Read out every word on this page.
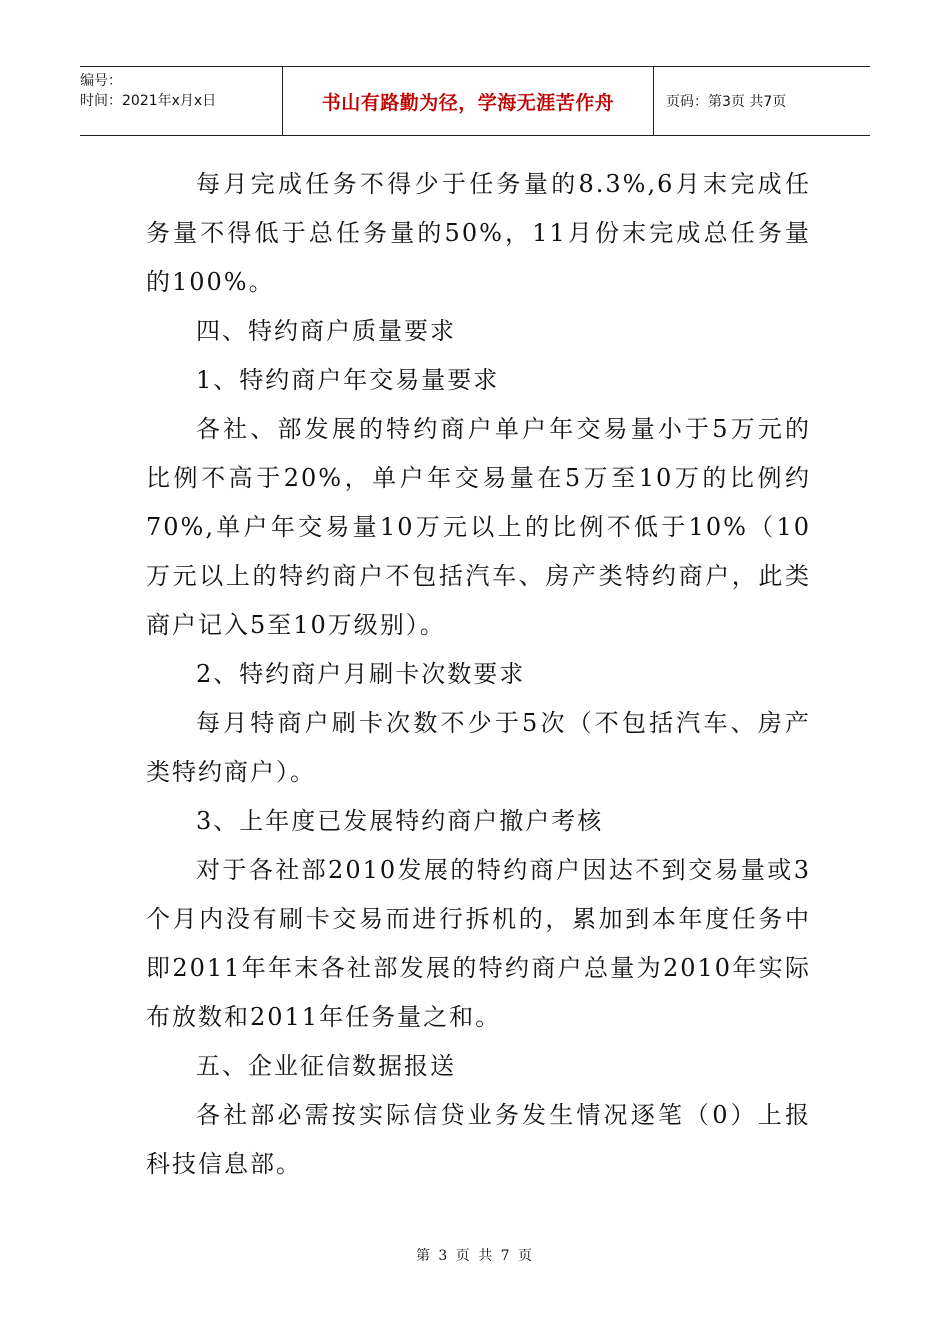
编号：
时间：2021年x月x日	书山有路勤为径，学海无涯苦作舟	页码：第3页 共7页

每月完成任务不得少于任务量的8.3%,6月末完成任务量不得低于总任务量的50%，11月份末完成总任务量的100%。

四、特约商户质量要求

1、特约商户年交易量要求

各社、部发展的特约商户单户年交易量小于5万元的比例不高于20%，单户年交易量在5万至10万的比例约70%,单户年交易量10万元以上的比例不低于10%（10万元以上的特约商户不包括汽车、房产类特约商户，此类商户记入5至10万级别）。

2、特约商户月刷卡次数要求

每月特商户刷卡次数不少于5次（不包括汽车、房产类特约商户）。

3、上年度已发展特约商户撤户考核

对于各社部2010发展的特约商户因达不到交易量或3个月内没有刷卡交易而进行拆机的，累加到本年度任务中即2011年年末各社部发展的特约商户总量为2010年实际布放数和2011年任务量之和。

五、企业征信数据报送

各社部必需按实际信贷业务发生情况逐笔（0）上报科技信息部。

第 3 页 共 7 页
